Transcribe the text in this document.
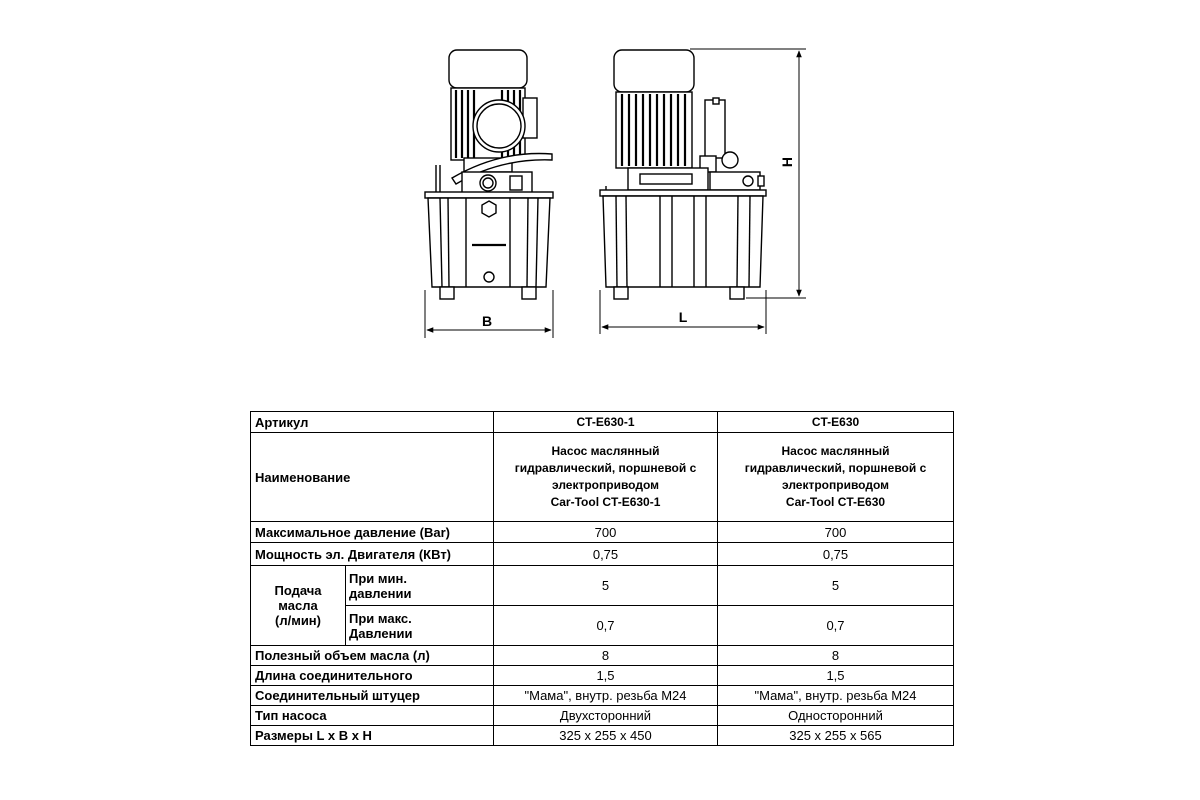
B	L
H
Артикул		CT-E630-1	CT-E630
Наименование		Насос маслянный
гидравлический, поршневой с
электроприводом
Car-Tool CT-E630-1	Насос маслянный
гидравлический, поршневой с
электроприводом
Car-Tool CT-E630
Максимальное давление (Bar)		700	700
Мощность эл. Двигателя (КВт)		0,75	0,75
Подача
масла
(л/мин)	При мин.
давлении	5	5
	При макс.
Давлении	0,7	0,7
Полезный объем масла (л)		8	8
Длина соединительного		1,5	1,5
Соединительный штуцер		"Мама", внутр. резьба М24	"Мама", внутр. резьба М24
Тип насоса		Двухсторонний	Односторонний
Размеры L x B x H		325 x 255 x 450	325 x 255 x 565
